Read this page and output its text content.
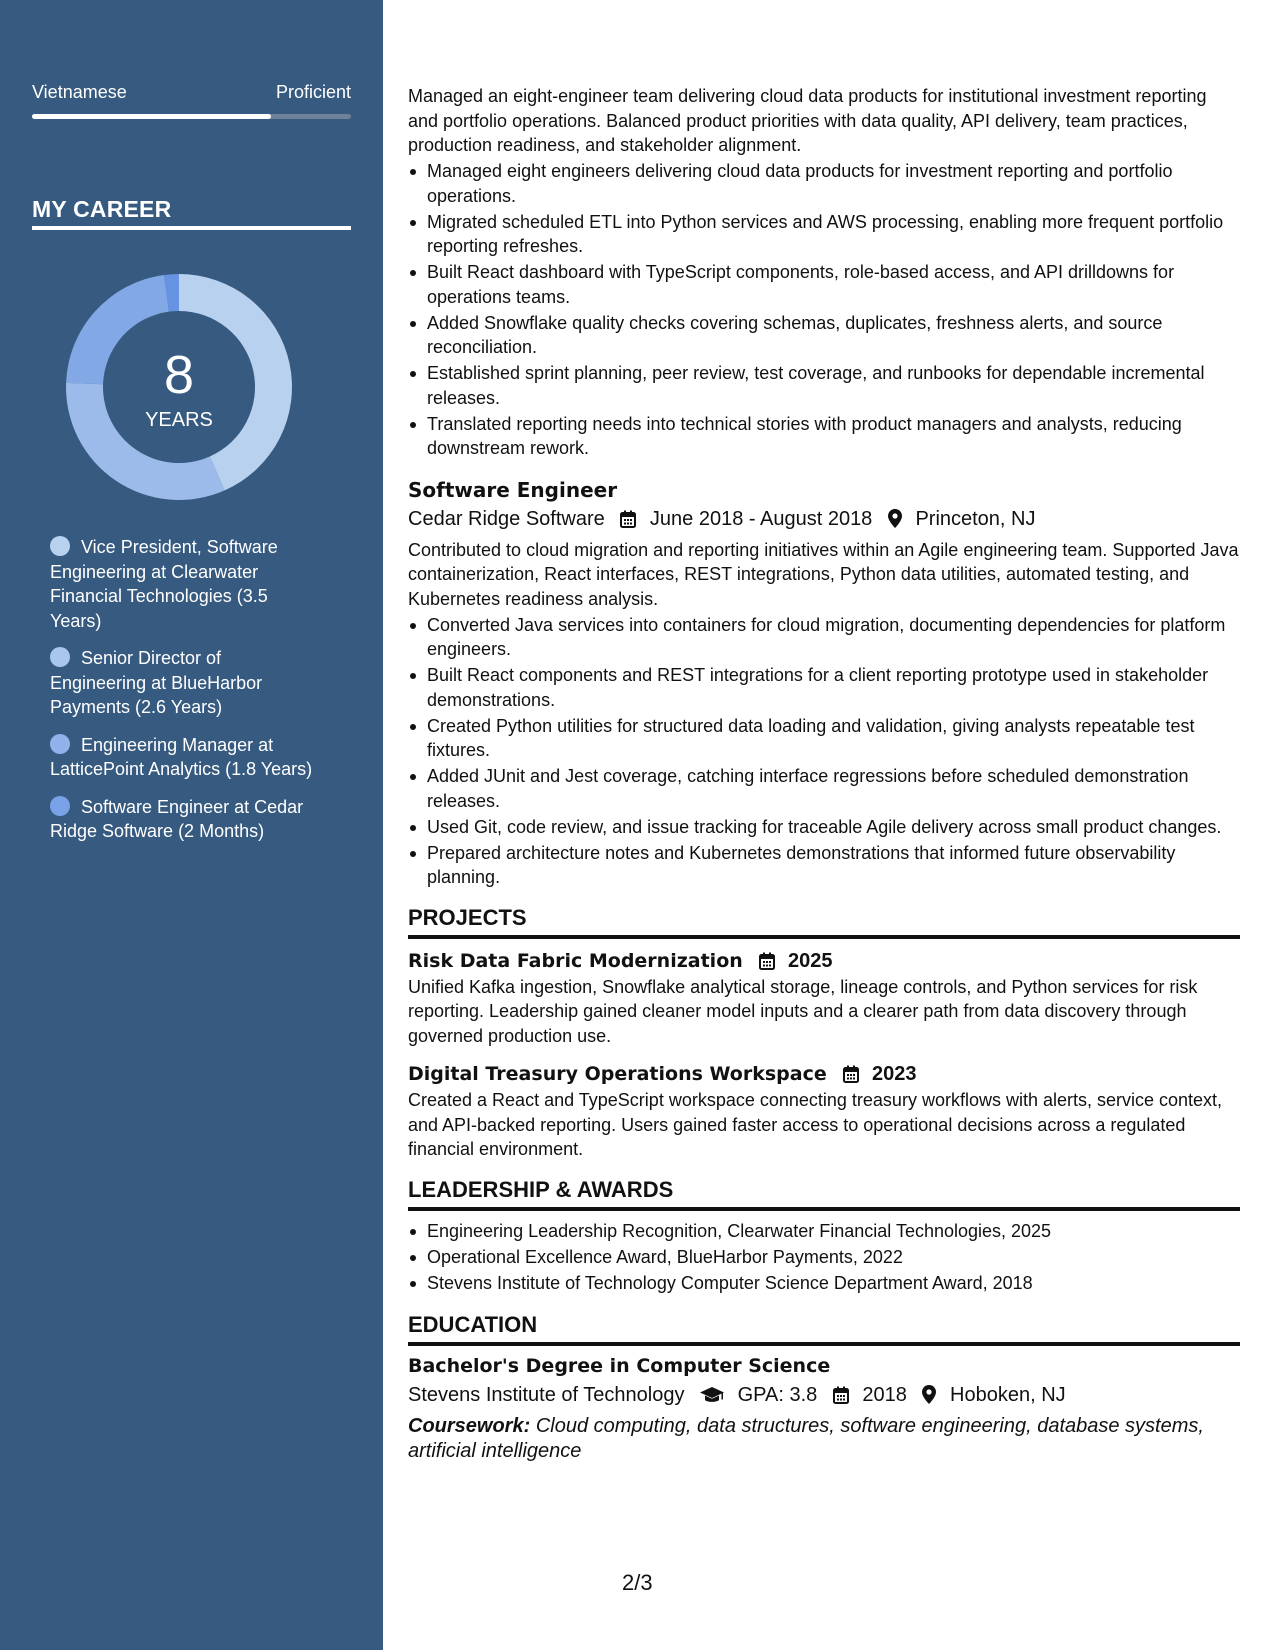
Vietnamese	Proficient
MY CAREER
8
YEARS
Vice President, Software Engineering at Clearwater Financial Technologies (3.5 Years)
Senior Director of Engineering at BlueHarbor Payments (2.6 Years)
Engineering Manager at LatticePoint Analytics (1.8 Years)
Software Engineer at Cedar Ridge Software (2 Months)

Managed an eight-engineer team delivering cloud data products for institutional investment reporting and portfolio operations. Balanced product priorities with data quality, API delivery, team practices, production readiness, and stakeholder alignment.

Managed eight engineers delivering cloud data products for investment reporting and portfolio operations.
Migrated scheduled ETL into Python services and AWS processing, enabling more frequent portfolio reporting refreshes.
Built React dashboard with TypeScript components, role-based access, and API drilldowns for operations teams.
Added Snowflake quality checks covering schemas, duplicates, freshness alerts, and source reconciliation.
Established sprint planning, peer review, test coverage, and runbooks for dependable incremental releases.
Translated reporting needs into technical stories with product managers and analysts, reducing downstream rework.
Software Engineer
Cedar Ridge Software June 2018 - August 2018 Princeton, NJ

Contributed to cloud migration and reporting initiatives within an Agile engineering team. Supported Java containerization, React interfaces, REST integrations, Python data utilities, automated testing, and Kubernetes readiness analysis.

Converted Java services into containers for cloud migration, documenting dependencies for platform engineers.
Built React components and REST integrations for a client reporting prototype used in stakeholder demonstrations.
Created Python utilities for structured data loading and validation, giving analysts repeatable test fixtures.
Added JUnit and Jest coverage, catching interface regressions before scheduled demonstration releases.
Used Git, code review, and issue tracking for traceable Agile delivery across small product changes.
Prepared architecture notes and Kubernetes demonstrations that informed future observability planning.
PROJECTS
Risk Data Fabric Modernization 2025

Unified Kafka ingestion, Snowflake analytical storage, lineage controls, and Python services for risk reporting. Leadership gained cleaner model inputs and a clearer path from data discovery through governed production use.

Digital Treasury Operations Workspace 2023

Created a React and TypeScript workspace connecting treasury workflows with alerts, service context, and API-backed reporting. Users gained faster access to operational decisions across a regulated financial environment.

LEADERSHIP & AWARDS
Engineering Leadership Recognition, Clearwater Financial Technologies, 2025
Operational Excellence Award, BlueHarbor Payments, 2022
Stevens Institute of Technology Computer Science Department Award, 2018
EDUCATION
Bachelor's Degree in Computer Science
Stevens Institute of Technology	GPA: 3.8 2018 Hoboken, NJ

Coursework: Cloud computing, data structures, software engineering, database systems, artificial intelligence

2/3
